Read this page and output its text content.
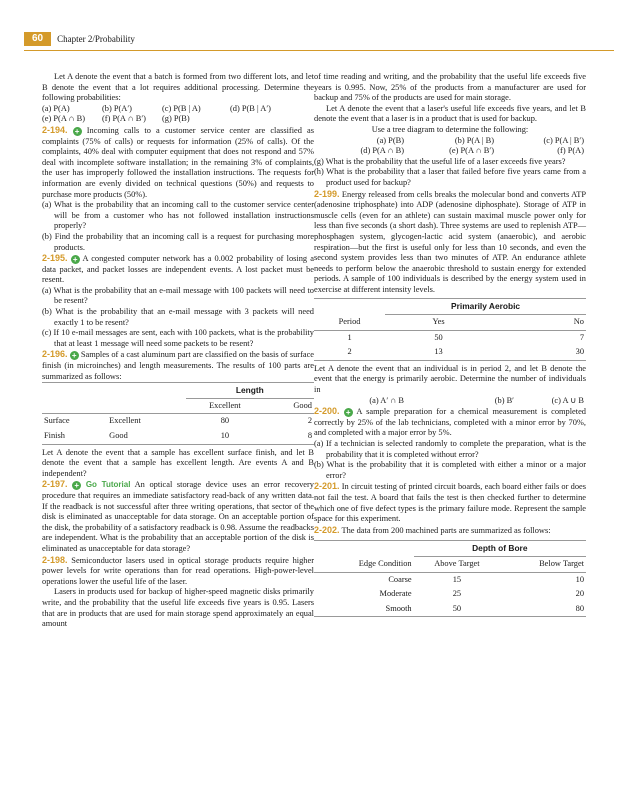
60	Chapter 2/Probability

Let A denote the event that a batch is formed from two different lots, and let B denote the event that a lot requires additional processing. Determine the following probabilities:

(a) P(A)	(b) P(A′)	(c) P(B | A)	(d) P(B | A′)
(e) P(A ∩ B)	(f) P(A ∩ B′)	(g) P(B)

2-194. + Incoming calls to a customer service center are classified as complaints (75% of calls) or requests for information (25% of calls). Of the complaints, 40% deal with computer equipment that does not respond and 57% deal with incomplete software installation; in the remaining 3% of complaints, the user has improperly followed the installation instructions. The requests for information are evenly divided on technical questions (50%) and requests to purchase more products (50%).

(a) What is the probability that an incoming call to the customer service center will be from a customer who has not followed installation instructions properly?

(b) Find the probability that an incoming call is a request for purchasing more products.

2-195. + A congested computer network has a 0.002 probability of losing a data packet, and packet losses are independent events. A lost packet must be resent.

(a) What is the probability that an e-mail message with 100 packets will need to be resent?

(b) What is the probability that an e-mail message with 3 packets will need exactly 1 to be resent?

(c) If 10 e-mail messages are sent, each with 100 packets, what is the probability that at least 1 message will need some packets to be resent?

2-196. + Samples of a cast aluminum part are classified on the basis of surface finish (in microinches) and length measurements. The results of 100 parts are summarized as follows:

		Length	
		Excellent	Good
Surface	Excellent	80	2
Finish	Good	10	8

Let A denote the event that a sample has excellent surface finish, and let B denote the event that a sample has excellent length. Are events A and B independent?

2-197. + Go Tutorial An optical storage device uses an error recovery procedure that requires an immediate satisfactory read-back of any written data. If the readback is not successful after three writing operations, that sector of the disk is eliminated as unacceptable for data storage. On an acceptable portion of the disk, the probability of a satisfactory readback is 0.98. Assume the readbacks are independent. What is the probability that an acceptable portion of the disk is eliminated as unacceptable for data storage?

2-198. Semiconductor lasers used in optical storage products require higher power levels for write operations than for read operations. High-power-level operations lower the useful life of the laser.

Lasers in products used for backup of higher-speed magnetic disks primarily write, and the probability that the useful life exceeds five years is 0.95. Lasers that are in products that are used for main storage spend approximately an equal amount

of time reading and writing, and the probability that the useful life exceeds five years is 0.995. Now, 25% of the products from a manufacturer are used for backup and 75% of the products are used for main storage.

Let A denote the event that a laser's useful life exceeds five years, and let B denote the event that a laser is in a product that is used for backup.

Use a tree diagram to determine the following:

(a) P(B)	(b) P(A | B)	(c) P(A | B′)
(d) P(A ∩ B)	(e) P(A ∩ B′)	(f) P(A)

(g) What is the probability that the useful life of a laser exceeds five years?

(h) What is the probability that a laser that failed before five years came from a product used for backup?

2-199. Energy released from cells breaks the molecular bond and converts ATP (adenosine triphosphate) into ADP (adenosine diphosphate). Storage of ATP in muscle cells (even for an athlete) can sustain maximal muscle power only for less than five seconds (a short dash). Three systems are used to replenish ATP—phosphagen system, glycogen-lactic acid system (anaerobic), and aerobic respiration—but the first is useful only for less than 10 seconds, and even the second system provides less than two minutes of ATP. An endurance athlete needs to perform below the anaerobic threshold to sustain energy for extended periods. A sample of 100 individuals is described by the energy system used in exercise at different intensity levels.

	Primarily Aerobic	
Period	Yes	No
1	50	7
2	13	30

Let A denote the event that an individual is in period 2, and let B denote the event that the energy is primarily aerobic. Determine the number of individuals in

(a) A′ ∩ B	(b) B′	(c) A ∪ B

2-200. + A sample preparation for a chemical measurement is completed correctly by 25% of the lab technicians, completed with a minor error by 70%, and completed with a major error by 5%.

(a) If a technician is selected randomly to complete the preparation, what is the probability that it is completed without error?

(b) What is the probability that it is completed with either a minor or a major error?

2-201. In circuit testing of printed circuit boards, each board either fails or does not fail the test. A board that fails the test is then checked further to determine which one of five defect types is the primary failure mode. Represent the sample space for this experiment.

2-202. The data from 200 machined parts are summarized as follows:

	Depth of Bore	
Edge Condition	Above Target	Below Target
Coarse	15	10
Moderate	25	20
Smooth	50	80
